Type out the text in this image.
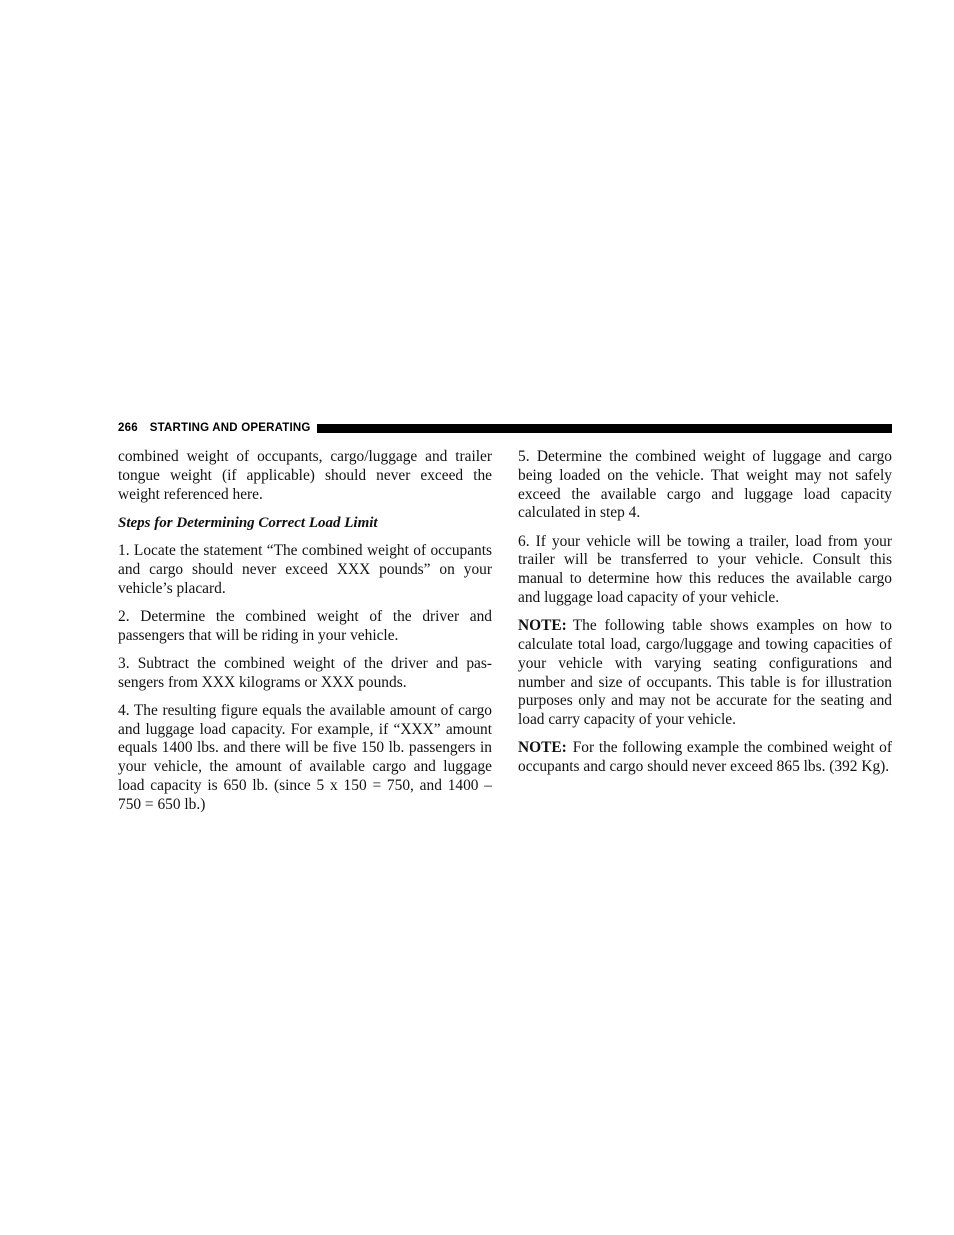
266 STARTING AND OPERATING

combined weight of occupants, cargo/luggage and trailer tongue weight (if applicable) should never exceed the weight referenced here.

Steps for Determining Correct Load Limit

1. Locate the statement “The combined weight of occupants and cargo should never exceed XXX pounds” on your vehicle’s placard.

2. Determine the combined weight of the driver and passengers that will be riding in your vehicle.

3. Subtract the combined weight of the driver and passengers from XXX kilograms or XXX pounds.

4. The resulting figure equals the available amount of cargo and luggage load capacity. For example, if “XXX” amount equals 1400 lbs. and there will be five 150 lb. passengers in your vehicle, the amount of available cargo and luggage load capacity is 650 lb. (since 5 x 150 = 750, and 1400 – 750 = 650 lb.)

5. Determine the combined weight of luggage and cargo being loaded on the vehicle. That weight may not safely exceed the available cargo and luggage load capacity calculated in step 4.

6. If your vehicle will be towing a trailer, load from your trailer will be transferred to your vehicle. Consult this manual to determine how this reduces the available cargo and luggage load capacity of your vehicle.

NOTE: The following table shows examples on how to calculate total load, cargo/luggage and towing capacities of your vehicle with varying seating configurations and number and size of occupants. This table is for illustration purposes only and may not be accurate for the seating and load carry capacity of your vehicle.

NOTE: For the following example the combined weight of occupants and cargo should never exceed 865 lbs. (392 Kg).
